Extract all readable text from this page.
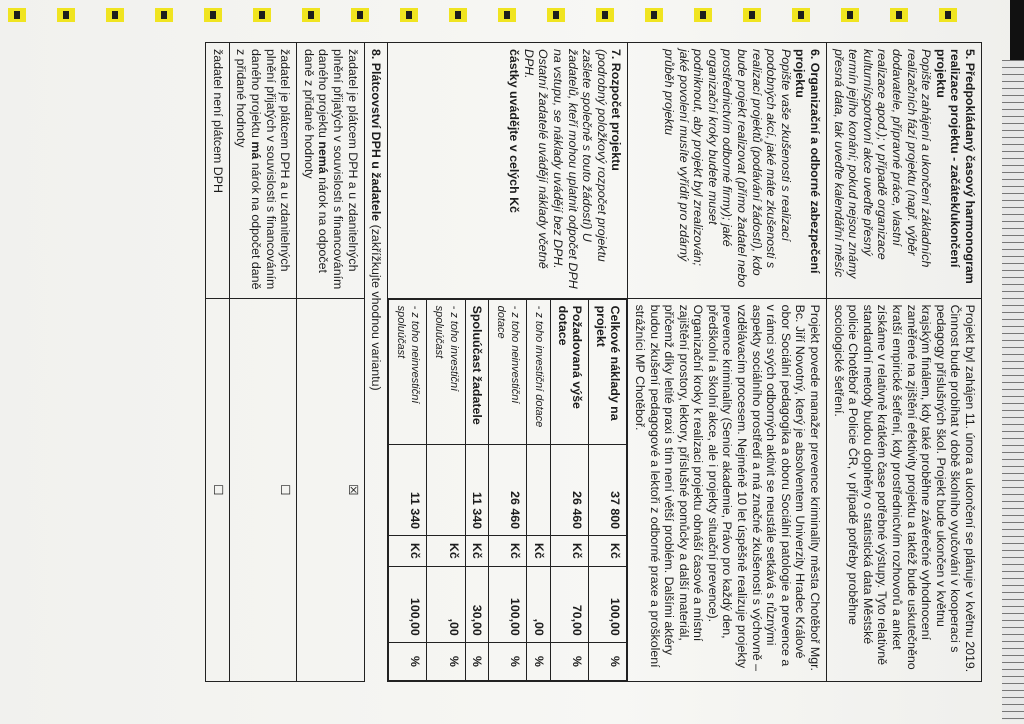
5. Předpokládaný časový harmonogram realizace projektu - začátek/ukončení projektu
Popište zahájení a ukončení základních realizačních fází projektu (např. výběr dodavatele, přípravné práce, vlastní realizace apod.); v případě organizace kulturní/sportovní akce uveďte přesný termín jejího konání; pokud nejsou známy přesná data, tak uveďte kalendářní měsíc
	Projekt byl zahájen 11. února a ukončení se plánuje v květnu 2019. Činnost bude probíhat v době školního vyučování v kooperaci s pedagogy příslušných škol. Projekt bude ukončen v květnu krajským finálem, kdy také proběhne závěrečné vyhodnocení zaměřené na zjištění efektivity projektu a taktéž bude uskutečněno kratší empirické šetření, kdy prostřednictvím rozhovorů a anket získáme v relativně krátkém čase potřebné výstupy. Tyto relativně standardní metody budou doplněny o statistická data Městské policie Chotěboř a Policie ČR, v případě potřeby proběhne sociologické šetření.

6. Organizační a odborné zabezpečení projektu
Popište vaše zkušenosti s realizací podobných akcí, jaké máte zkušenosti s realizací projektů (podávání žádostí), kdo bude projekt realizovat (přímo žadatel nebo prostřednictvím odborné firmy); jaké organizační kroky budete muset podniknout, aby projekt byl zrealizován; jaké povolení musíte vyřídit pro zdárný průběh projektu
	Projekt povede manažer prevence kriminality města Chotěboř Mgr. Bc. Jiří Novotný, který je absolventem Univerzity Hradec Králové obor Sociální pedagogika a oboru Sociální patologie a prevence a v rámci svých odborných aktivit se neustále setkává s různými aspekty sociálního prostředí a má značné zkušenosti s výchovně – vzdělávacím procesem. Nejméně 10 let úspěšně realizuje projekty prevence kriminality (Senior akademie, Právo pro každý den, předškolní a školní akce, ale i projekty situační prevence). Organizační kroky k realizaci projektu obnáší časové a místní zajištění prostory, lektory, příslušné pomůcky a další materiál, přičemž díky letité praxi s tím není větší problém. Dalšími aktéry budou zkušení pedagogové a lektoři z odborné praxe a proškolení strážníci MP Chotěboř.

7. Rozpočet projektu
(podrobný položkový rozpočet projektu zašlete společně s touto žádostí) U žadatelů, kteří mohou uplatnit odpočet DPH na vstupu, se náklady uvádějí bez DPH. Ostatní žadatelé uvádějí náklady včetně DPH.
částky uvádějte v celých Kč

Celkové náklady na projekt	37 800	Kč	100,00	%
Požadovaná výše dotace	26 460	Kč	70,00	%
- z toho investiční dotace		Kč	,00	%
- z toho neinvestiční dotace	26 460	Kč	100,00	%
Spoluúčast žadatele	11 340	Kč	30,00	%
- z toho investiční spoluúčast		Kč	,00	%
- z toho neinvestiční spoluúčast	11 340	Kč	100,00	%

8. Plátcovství DPH u žadatele (zakřížkujte vhodnou variantu)
žadatel je plátcem DPH a u zdanitelných plnění přijatých v souvislosti s financováním daného projektu nemá nárok na odpočet daně z přidané hodnoty	☒
žadatel je plátcem DPH a u zdanitelných plnění přijatých v souvislosti s financováním daného projektu má nárok na odpočet daně z přidané hodnoty	☐
žadatel není plátcem DPH	☐
